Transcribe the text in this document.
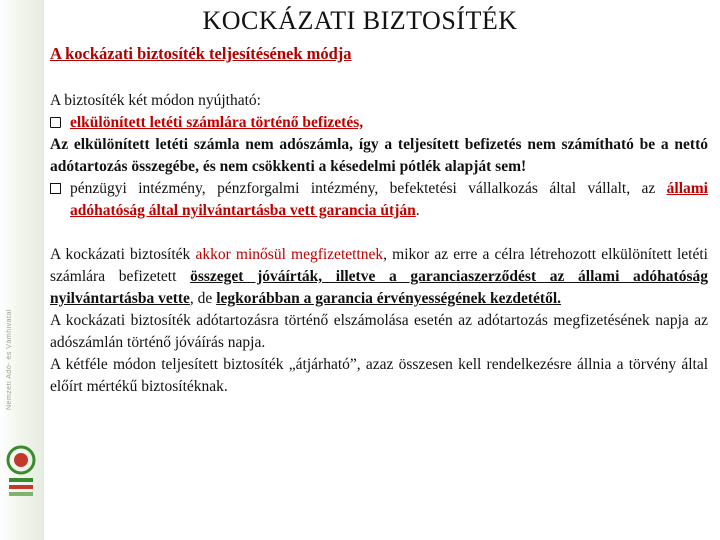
Nemzeti Adó- és Vámhivatal
KOCKÁZATI BIZTOSÍTÉK
A kockázati biztosíték teljesítésének módja

A biztosíték két módon nyújtható:

elkülönített letéti számlára történő befizetés,

Az elkülönített letéti számla nem adószámla, így a teljesített befizetés nem számítható be a nettó adótartozás összegébe, és nem csökkenti a késedelmi pótlék alapját sem!

pénzügyi intézmény, pénzforgalmi intézmény, befektetési vállalkozás által vállalt, az állami adóhatóság által nyilvántartásba vett garancia útján.

A kockázati biztosíték akkor minősül megfizetettnek, mikor az erre a célra létrehozott elkülönített letéti számlára befizetett összeget jóváírták, illetve a garanciaszerződést az állami adóhatóság nyilvántartásba vette, de legkorábban a garancia érvényességének kezdetétől.

A kockázati biztosíték adótartozásra történő elszámolása esetén az adótartozás megfizetésének napja az adószámlán történő jóváírás napja.

A kétféle módon teljesített biztosíték „átjárható”, azaz összesen kell rendelkezésre állnia a törvény által előírt mértékű biztosítéknak.
